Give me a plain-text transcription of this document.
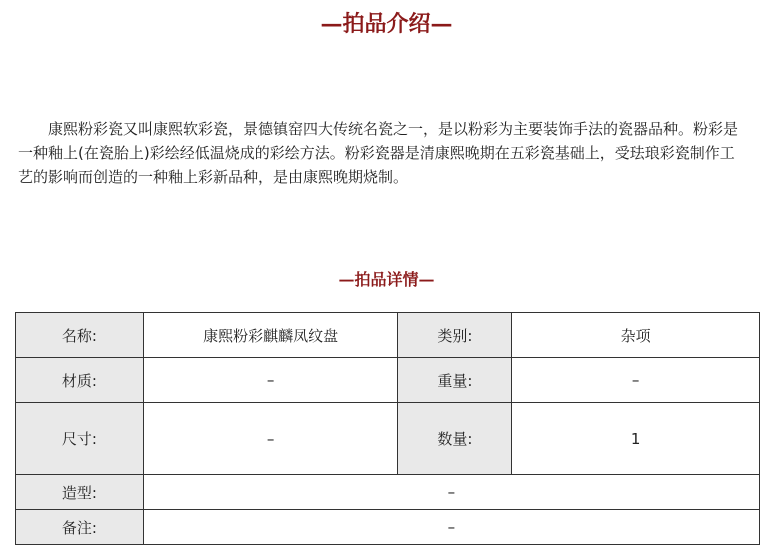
—拍品介绍—

康熙粉彩瓷又叫康熙软彩瓷，景德镇窑四大传统名瓷之一，是以粉彩为主要装饰手法的瓷器品种。粉彩是一种釉上(在瓷胎上)彩绘经低温烧成的彩绘方法。粉彩瓷器是清康熙晚期在五彩瓷基础上，受珐琅彩瓷制作工艺的影响而创造的一种釉上彩新品种，是由康熙晚期烧制。

—拍品详情—
名称:	康熙粉彩麒麟凤纹盘	类别:	杂项
材质:	–	重量:	–
尺寸:	–	数量:	1
造型:	–		
备注:	–		
